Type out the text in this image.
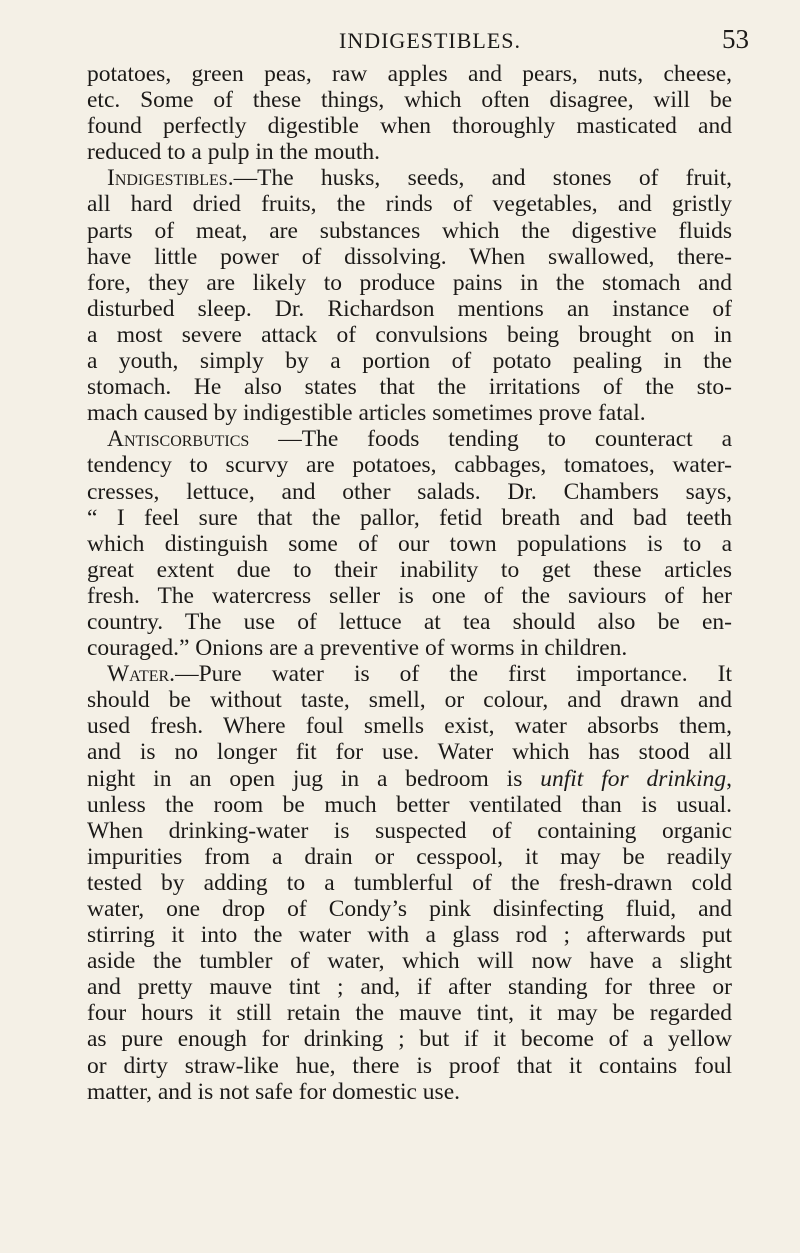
INDIGESTIBLES.	53
potatoes, green peas, raw apples and pears, nuts, cheese,
etc. Some of these things, which often disagree, will be
found perfectly digestible when thoroughly masticated and
reduced to a pulp in the mouth.
Indigestibles.—The husks, seeds, and stones of fruit,
all hard dried fruits, the rinds of vegetables, and gristly
parts of meat, are substances which the digestive fluids
have little power of dissolving. When swallowed, there-
fore, they are likely to produce pains in the stomach and
disturbed sleep. Dr. Richardson mentions an instance of
a most severe attack of convulsions being brought on in
a youth, simply by a portion of potato pealing in the
stomach. He also states that the irritations of the sto-
mach caused by indigestible articles sometimes prove fatal.
Antiscorbutics —The foods tending to counteract a
tendency to scurvy are potatoes, cabbages, tomatoes, water-
cresses, lettuce, and other salads. Dr. Chambers says,
“ I feel sure that the pallor, fetid breath and bad teeth
which distinguish some of our town populations is to a
great extent due to their inability to get these articles
fresh. The watercress seller is one of the saviours of her
country. The use of lettuce at tea should also be en-
couraged.” Onions are a preventive of worms in children.
Water.—Pure water is of the first importance. It
should be without taste, smell, or colour, and drawn and
used fresh. Where foul smells exist, water absorbs them,
and is no longer fit for use. Water which has stood all
night in an open jug in a bedroom is unfit for drinking,
unless the room be much better ventilated than is usual.
When drinking-water is suspected of containing organic
impurities from a drain or cesspool, it may be readily
tested by adding to a tumblerful of the fresh-drawn cold
water, one drop of Condy’s pink disinfecting fluid, and
stirring it into the water with a glass rod ; afterwards put
aside the tumbler of water, which will now have a slight
and pretty mauve tint ; and, if after standing for three or
four hours it still retain the mauve tint, it may be regarded
as pure enough for drinking ; but if it become of a yellow
or dirty straw-like hue, there is proof that it contains foul
matter, and is not safe for domestic use.
